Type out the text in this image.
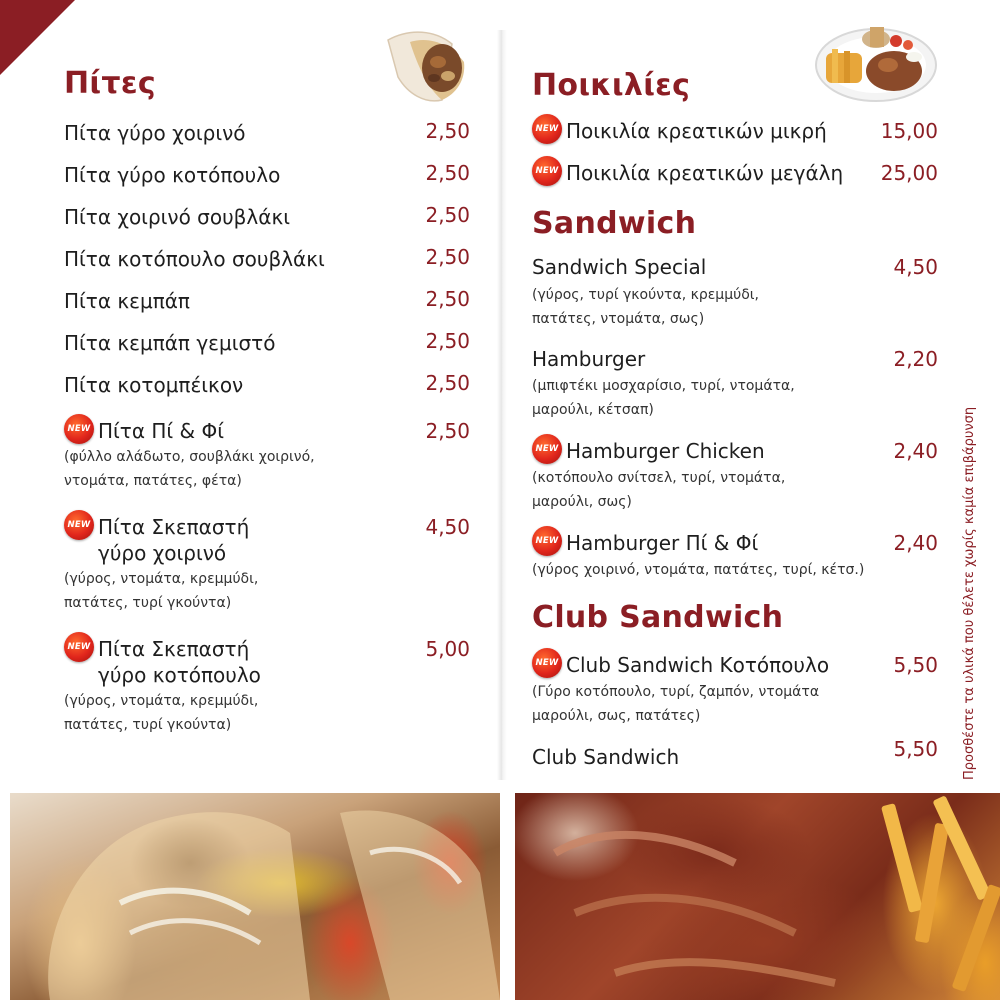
Πίτες
Πίτα γύρο χοιρινό	2,50
Πίτα γύρο κοτόπουλο	2,50
Πίτα χοιρινό σουβλάκι	2,50
Πίτα κοτόπουλο σουβλάκι	2,50
Πίτα κεμπάπ	2,50
Πίτα κεμπάπ γεμιστό	2,50
Πίτα κοτομπέικον	2,50
NEW Πίτα Πί & Φί	2,50
(φύλλο αλάδωτο, σουβλάκι χοιρινό,
ντομάτα, πατάτες, φέτα)
NEW Πίτα Σκεπαστή
γύρο χοιρινό
4,50
(γύρος, ντομάτα, κρεμμύδι,
πατάτες, τυρί γκούντα)
NEW Πίτα Σκεπαστή
γύρο κοτόπουλο
5,00
(γύρος, ντομάτα, κρεμμύδι,
πατάτες, τυρί γκούντα)
Ποικιλίες
NEW Ποικιλία κρεατικών μικρή	15,00
NEW Ποικιλία κρεατικών μεγάλη	25,00
Sandwich
Sandwich Special	4,50
(γύρος, τυρί γκούντα, κρεμμύδι,
πατάτες, ντομάτα, σως)
Hamburger	2,20
(μπιφτέκι μοσχαρίσιο, τυρί, ντομάτα,
μαρούλι, κέτσαπ)
NEW Hamburger Chicken	2,40
(κοτόπουλο σνίτσελ, τυρί, ντομάτα,
μαρούλι, σως)
NEW Hamburger Πί & Φί	2,40
(γύρος χοιρινό, ντομάτα, πατάτες, τυρί, κέτσ.)
Club Sandwich
NEW Club Sandwich Κοτόπουλο	5,50
(Γύρο κοτόπουλο, τυρί, ζαμπόν, ντομάτα
μαρούλι, σως, πατάτες)
Club Sandwich	5,50 Προσθέστε τα υλικά που θέλετε χωρίς καμία επιβάρυνση
